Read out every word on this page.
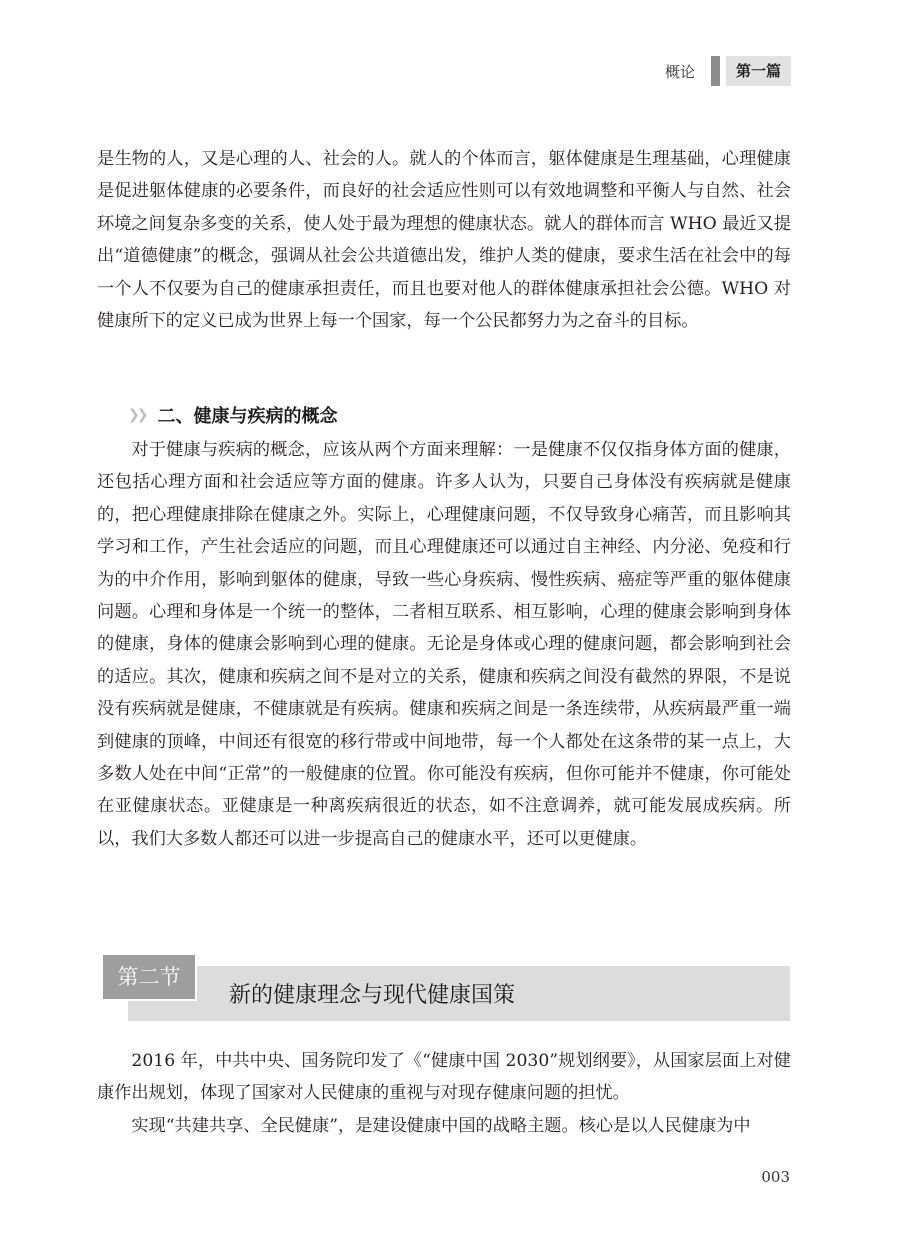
概论	第一篇

是生物的人，又是心理的人、社会的人。就人的个体而言，躯体健康是生理基础，心理健康是促进躯体健康的必要条件，而良好的社会适应性则可以有效地调整和平衡人与自然、社会环境之间复杂多变的关系，使人处于最为理想的健康状态。就人的群体而言 WHO 最近又提出“道德健康”的概念，强调从社会公共道德出发，维护人类的健康，要求生活在社会中的每一个人不仅要为自己的健康承担责任，而且也要对他人的群体健康承担社会公德。WHO 对健康所下的定义已成为世界上每一个国家，每一个公民都努力为之奋斗的目标。

❯❯ 二、健康与疾病的概念

对于健康与疾病的概念，应该从两个方面来理解：一是健康不仅仅指身体方面的健康，还包括心理方面和社会适应等方面的健康。许多人认为，只要自己身体没有疾病就是健康的，把心理健康排除在健康之外。实际上，心理健康问题，不仅导致身心痛苦，而且影响其学习和工作，产生社会适应的问题，而且心理健康还可以通过自主神经、内分泌、免疫和行为的中介作用，影响到躯体的健康，导致一些心身疾病、慢性疾病、癌症等严重的躯体健康问题。心理和身体是一个统一的整体，二者相互联系、相互影响，心理的健康会影响到身体的健康，身体的健康会影响到心理的健康。无论是身体或心理的健康问题，都会影响到社会的适应。其次，健康和疾病之间不是对立的关系，健康和疾病之间没有截然的界限，不是说没有疾病就是健康，不健康就是有疾病。健康和疾病之间是一条连续带，从疾病最严重一端到健康的顶峰，中间还有很宽的移行带或中间地带，每一个人都处在这条带的某一点上，大多数人处在中间“正常”的一般健康的位置。你可能没有疾病，但你可能并不健康，你可能处在亚健康状态。亚健康是一种离疾病很近的状态，如不注意调养，就可能发展成疾病。所以，我们大多数人都还可以进一步提高自己的健康水平，还可以更健康。

第二节
新的健康理念与现代健康国策

2016 年，中共中央、国务院印发了《“健康中国 2030”规划纲要》，从国家层面上对健康作出规划，体现了国家对人民健康的重视与对现存健康问题的担忧。

实现“共建共享、全民健康”，是建设健康中国的战略主题。核心是以人民健康为中

003
